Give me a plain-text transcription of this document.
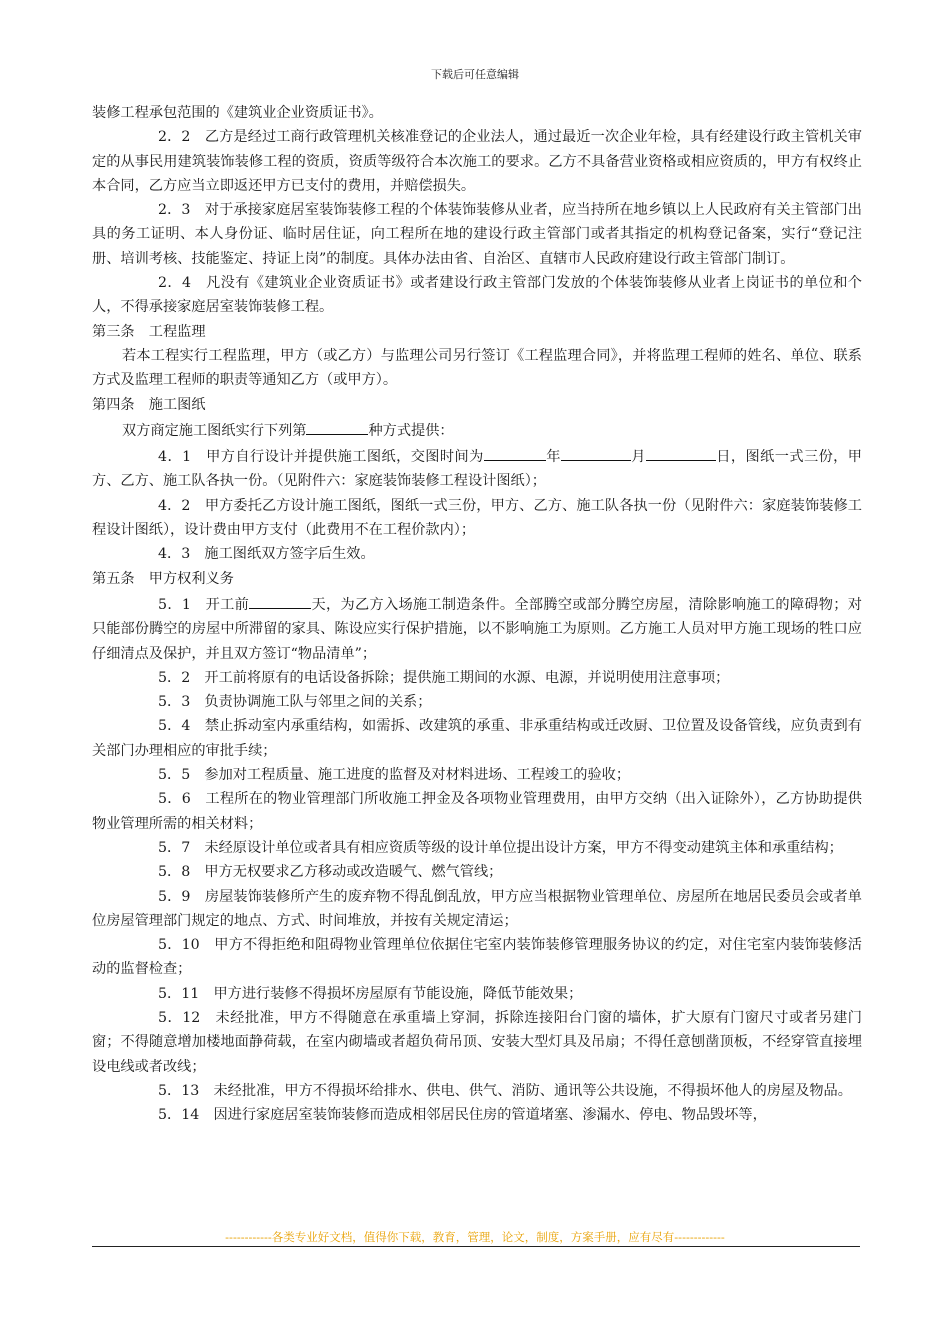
下载后可任意编辑

装修工程承包范围的《建筑业企业资质证书》。

2．2　乙方是经过工商行政管理机关核准登记的企业法人，通过最近一次企业年检，具有经建设行政主管机关审定的从事民用建筑装饰装修工程的资质，资质等级符合本次施工的要求。乙方不具备营业资格或相应资质的，甲方有权终止本合同，乙方应当立即返还甲方已支付的费用，并赔偿损失。

2．3　对于承接家庭居室装饰装修工程的个体装饰装修从业者，应当持所在地乡镇以上人民政府有关主管部门出具的务工证明、本人身份证、临时居住证，向工程所在地的建设行政主管部门或者其指定的机构登记备案，实行“登记注册、培训考核、技能鉴定、持证上岗”的制度。具体办法由省、自治区、直辖市人民政府建设行政主管部门制订。

2．4　凡没有《建筑业企业资质证书》或者建设行政主管部门发放的个体装饰装修从业者上岗证书的单位和个人，不得承接家庭居室装饰装修工程。

第三条　工程监理

若本工程实行工程监理，甲方（或乙方）与监理公司另行签订《工程监理合同》，并将监理工程师的姓名、单位、联系方式及监理工程师的职责等通知乙方（或甲方）。

第四条　施工图纸

双方商定施工图纸实行下列第	种方式提供：

4．1　甲方自行设计并提供施工图纸，交图时间为	年	月	日，图纸一式三份，甲方、乙方、施工队各执一份。（见附件六：家庭装饰装修工程设计图纸）；

4．2　甲方委托乙方设计施工图纸，图纸一式三份，甲方、乙方、施工队各执一份（见附件六：家庭装饰装修工程设计图纸），设计费由甲方支付（此费用不在工程价款内）；

4．3　施工图纸双方签字后生效。

第五条　甲方权利义务

5．1　开工前	天，为乙方入场施工制造条件。全部腾空或部分腾空房屋，清除影响施工的障碍物；对只能部份腾空的房屋中所滞留的家具、陈设应实行保护措施，以不影响施工为原则。乙方施工人员对甲方施工现场的牲口应仔细清点及保护，并且双方签订“物品清单”；

5．2　开工前将原有的电话设备拆除；提供施工期间的水源、电源，并说明使用注意事项；

5．3　负责协调施工队与邻里之间的关系；

5．4　禁止拆动室内承重结构，如需拆、改建筑的承重、非承重结构或迁改厨、卫位置及设备管线，应负责到有关部门办理相应的审批手续；

5．5　参加对工程质量、施工进度的监督及对材料进场、工程竣工的验收；

5．6　工程所在的物业管理部门所收施工押金及各项物业管理费用，由甲方交纳（出入证除外），乙方协助提供物业管理所需的相关材料；

5．7　未经原设计单位或者具有相应资质等级的设计单位提出设计方案，甲方不得变动建筑主体和承重结构；

5．8　甲方无权要求乙方移动或改造暖气、燃气管线；

5．9　房屋装饰装修所产生的废弃物不得乱倒乱放，甲方应当根据物业管理单位、房屋所在地居民委员会或者单位房屋管理部门规定的地点、方式、时间堆放，并按有关规定清运；

5．10　甲方不得拒绝和阻碍物业管理单位依据住宅室内装饰装修管理服务协议的约定，对住宅室内装饰装修活动的监督检查；

5．11　甲方进行装修不得损坏房屋原有节能设施，降低节能效果；

5．12　未经批准，甲方不得随意在承重墙上穿洞，拆除连接阳台门窗的墙体，扩大原有门窗尺寸或者另建门窗；不得随意增加楼地面静荷载，在室内砌墙或者超负荷吊顶、安装大型灯具及吊扇；不得任意刨凿顶板，不经穿管直接埋设电线或者改线；

5．13　未经批准，甲方不得损坏给排水、供电、供气、消防、通讯等公共设施，不得损坏他人的房屋及物品。

5．14　因进行家庭居室装饰装修而造成相邻居民住房的管道堵塞、渗漏水、停电、物品毁坏等，

------------各类专业好文档，值得你下载，教育，管理，论文，制度，方案手册，应有尽有-------------
